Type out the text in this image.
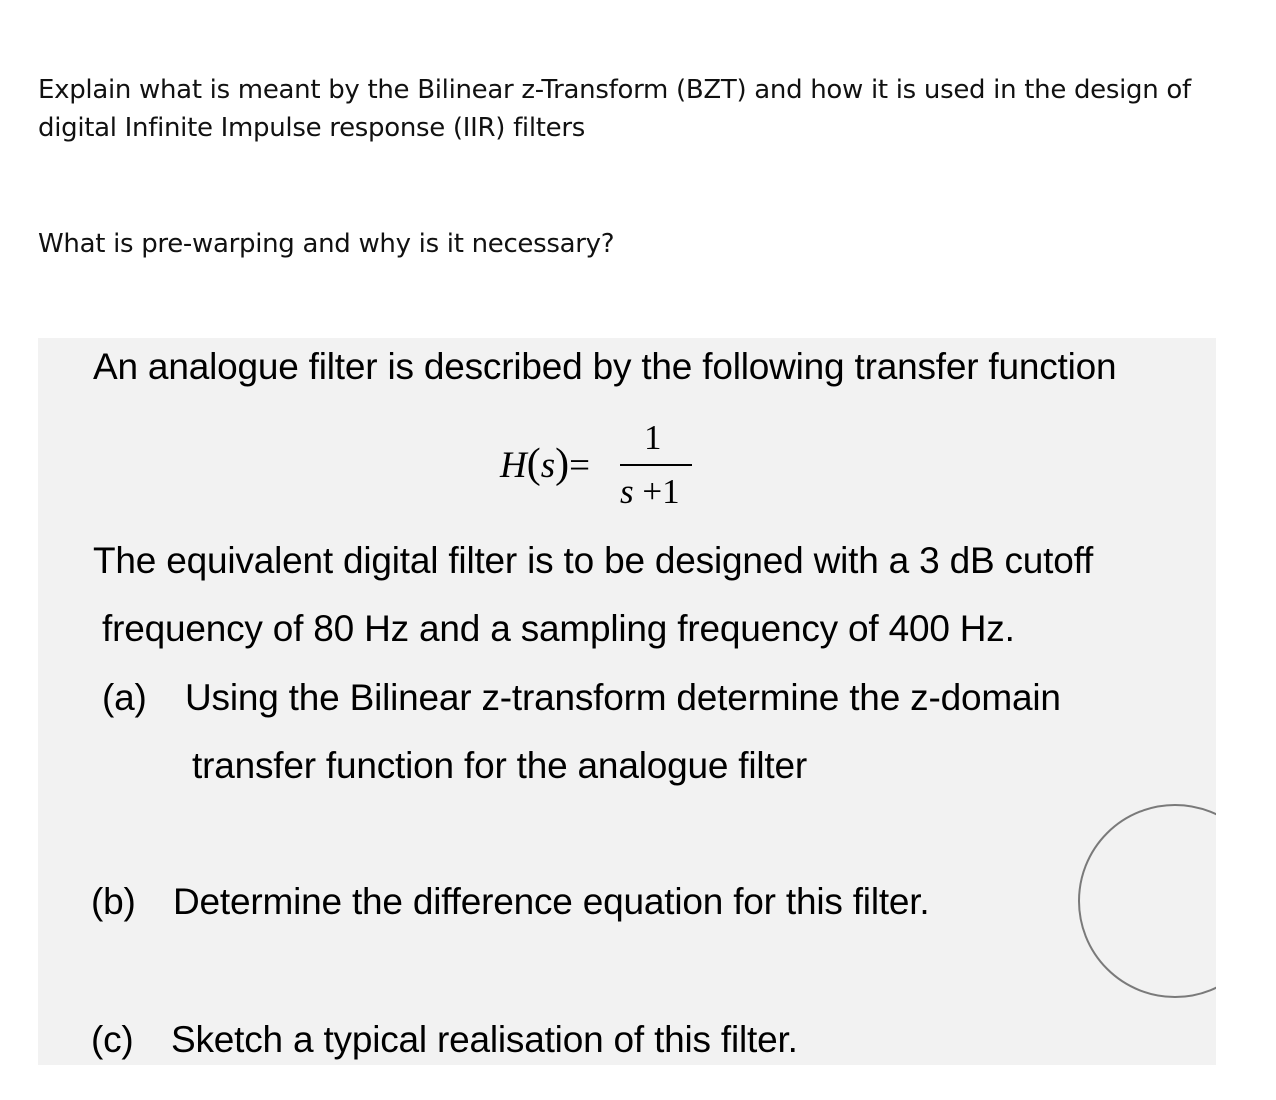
Explain what is meant by the Bilinear z-Transform (BZT) and how it is used in the design of digital Infinite Impulse response (IIR) filters
What is pre-warping and why is it necessary?
An analogue filter is described by the following transfer function
H(s)=
1
s +1
The equivalent digital filter is to be designed with a 3 dB cutoff
frequency of 80 Hz and a sampling frequency of 400 Hz.
(a) Using the Bilinear z-transform determine the z-domain
transfer function for the analogue filter
(b) Determine the difference equation for this filter.
(c) Sketch a typical realisation of this filter.
